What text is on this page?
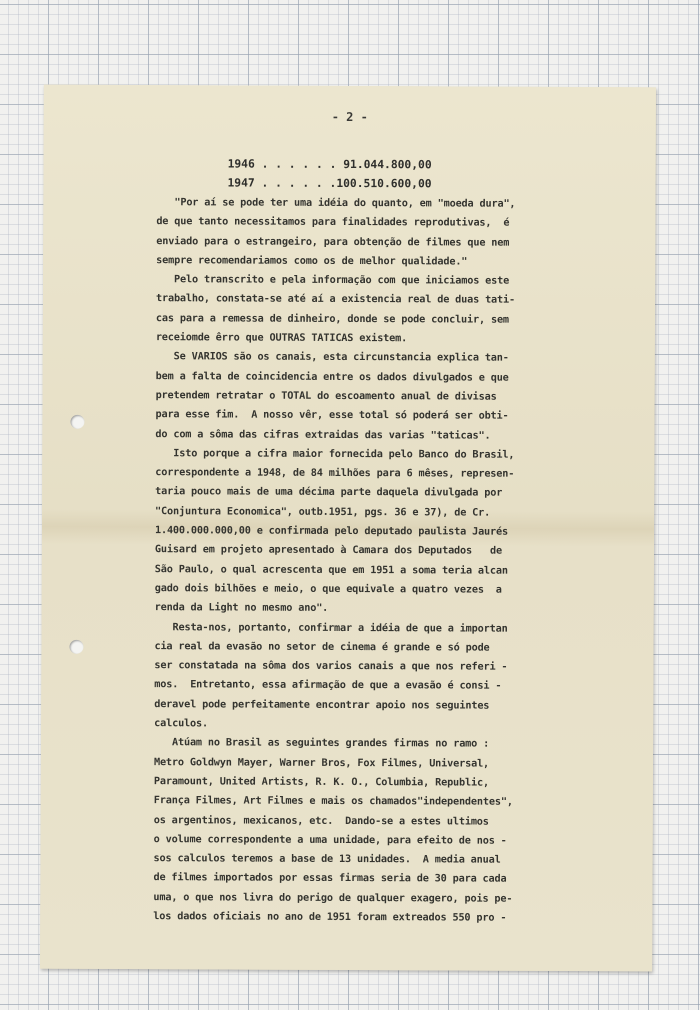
- 2 -
1946 . . . . . . 91.044.800,00
1947 . . . . . .100.510.600,00
"Por aí se pode ter uma idéia do quanto, em "moeda dura",
de que tanto necessitamos para finalidades reprodutivas,  é
enviado para o estrangeiro, para obtenção de filmes que nem
sempre recomendariamos como os de melhor qualidade."
Pelo transcrito e pela informação com que iniciamos este
trabalho, constata-se até aí a existencia real de duas tati-
cas para a remessa de dinheiro, donde se pode concluir, sem
receiomde êrro que OUTRAS TATICAS existem.
Se VARIOS são os canais, esta circunstancia explica tan-
bem a falta de coincidencia entre os dados divulgados e que
pretendem retratar o TOTAL do escoamento anual de divisas
para esse fim.  A nosso vêr, esse total só poderá ser obti-
do com a sôma das cifras extraidas das varias "taticas".
Isto porque a cifra maior fornecida pelo Banco do Brasil,
correspondente a 1948, de 84 milhões para 6 mêses, represen-
taria pouco mais de uma décima parte daquela divulgada por
"Conjuntura Economica", outb.1951, pgs. 36 e 37), de Cr.
1.400.000.000,00 e confirmada pelo deputado paulista Jaurés
Guisard em projeto apresentado à Camara dos Deputados   de
São Paulo, o qual acrescenta que em 1951 a soma teria alcan
gado dois bilhões e meio, o que equivale a quatro vezes  a
renda da Light no mesmo ano".
Resta-nos, portanto, confirmar a idéia de que a importan
cia real da evasão no setor de cinema é grande e só pode
ser constatada na sôma dos varios canais a que nos referi -
mos.  Entretanto, essa afirmação de que a evasão é consi -
deravel pode perfeitamente encontrar apoio nos seguintes
calculos.
Atúam no Brasil as seguintes grandes firmas no ramo :
Metro Goldwyn Mayer, Warner Bros, Fox Filmes, Universal,
Paramount, United Artists, R. K. O., Columbia, Republic,
França Filmes, Art Filmes e mais os chamados"independentes",
os argentinos, mexicanos, etc.  Dando-se a estes ultimos
o volume correspondente a uma unidade, para efeito de nos -
sos calculos teremos a base de 13 unidades.  A media anual
de filmes importados por essas firmas seria de 30 para cada
uma, o que nos livra do perigo de qualquer exagero, pois pe-
los dados oficiais no ano de 1951 foram extreados 550 pro -
